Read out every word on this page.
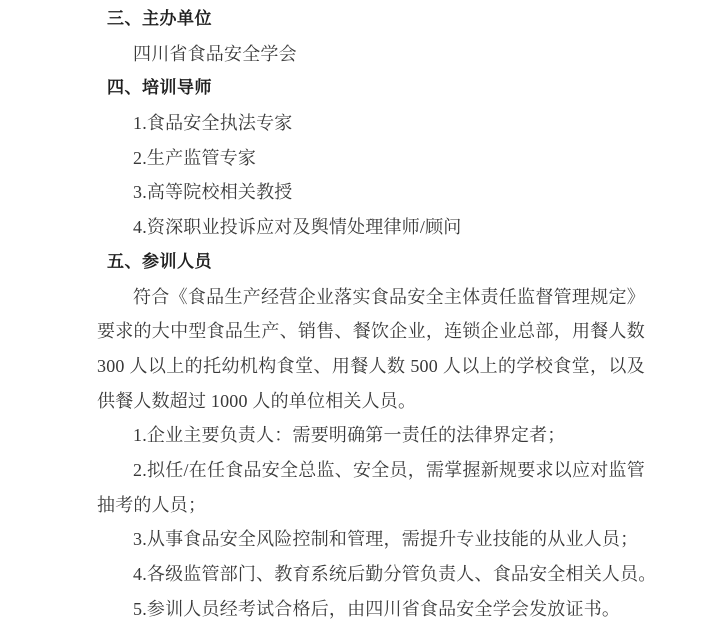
三、主办单位

四川省食品安全学会

四、培训导师

1.食品安全执法专家

2.生产监管专家

3.高等院校相关教授

4.资深职业投诉应对及舆情处理律师/顾问

五、参训人员

符合《食品生产经营企业落实食品安全主体责任监督管理规定》

要求的大中型食品生产、销售、餐饮企业，连锁企业总部，用餐人数

300 人以上的托幼机构食堂、用餐人数 500 人以上的学校食堂，以及

供餐人数超过 1000 人的单位相关人员。

1.企业主要负责人：需要明确第一责任的法律界定者；

2.拟任/在任食品安全总监、安全员，需掌握新规要求以应对监管

抽考的人员；

3.从事食品安全风险控制和管理，需提升专业技能的从业人员；

4.各级监管部门、教育系统后勤分管负责人、食品安全相关人员。

5.参训人员经考试合格后，由四川省食品安全学会发放证书。
